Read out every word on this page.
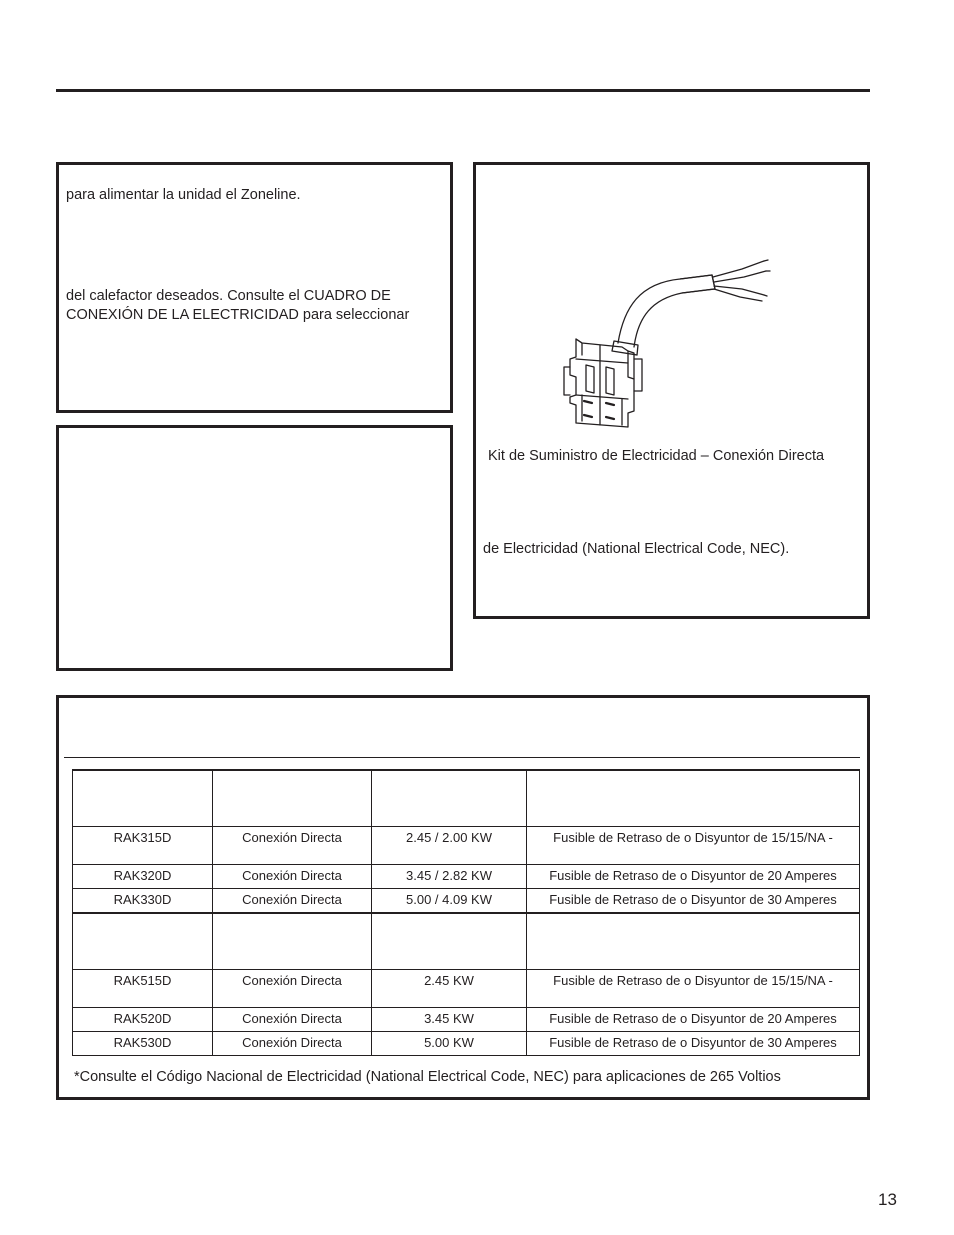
para alimentar la unidad el Zoneline.
del calefactor deseados. Consulte el CUADRO DE
CONEXIÓN DE LA ELECTRICIDAD para seleccionar
Kit de Suministro de Electricidad – Conexión Directa
de Electricidad (National Electrical Code, NEC).

RAK315D	Conexión Directa	2.45 / 2.00 KW	Fusible de Retraso de o Disyuntor de 15/15/NA -
RAK320D	Conexión Directa	3.45 / 2.82 KW	Fusible de Retraso de o Disyuntor de 20 Amperes
RAK330D	Conexión Directa	5.00 / 4.09 KW	Fusible de Retraso de o Disyuntor de 30 Amperes

RAK515D	Conexión Directa	2.45 KW	Fusible de Retraso de o Disyuntor de 15/15/NA -
RAK520D	Conexión Directa	3.45 KW	Fusible de Retraso de o Disyuntor de 20 Amperes
RAK530D	Conexión Directa	5.00 KW	Fusible de Retraso de o Disyuntor de 30 Amperes
*Consulte el Código Nacional de Electricidad (National Electrical Code, NEC) para aplicaciones de 265 Voltios
13
